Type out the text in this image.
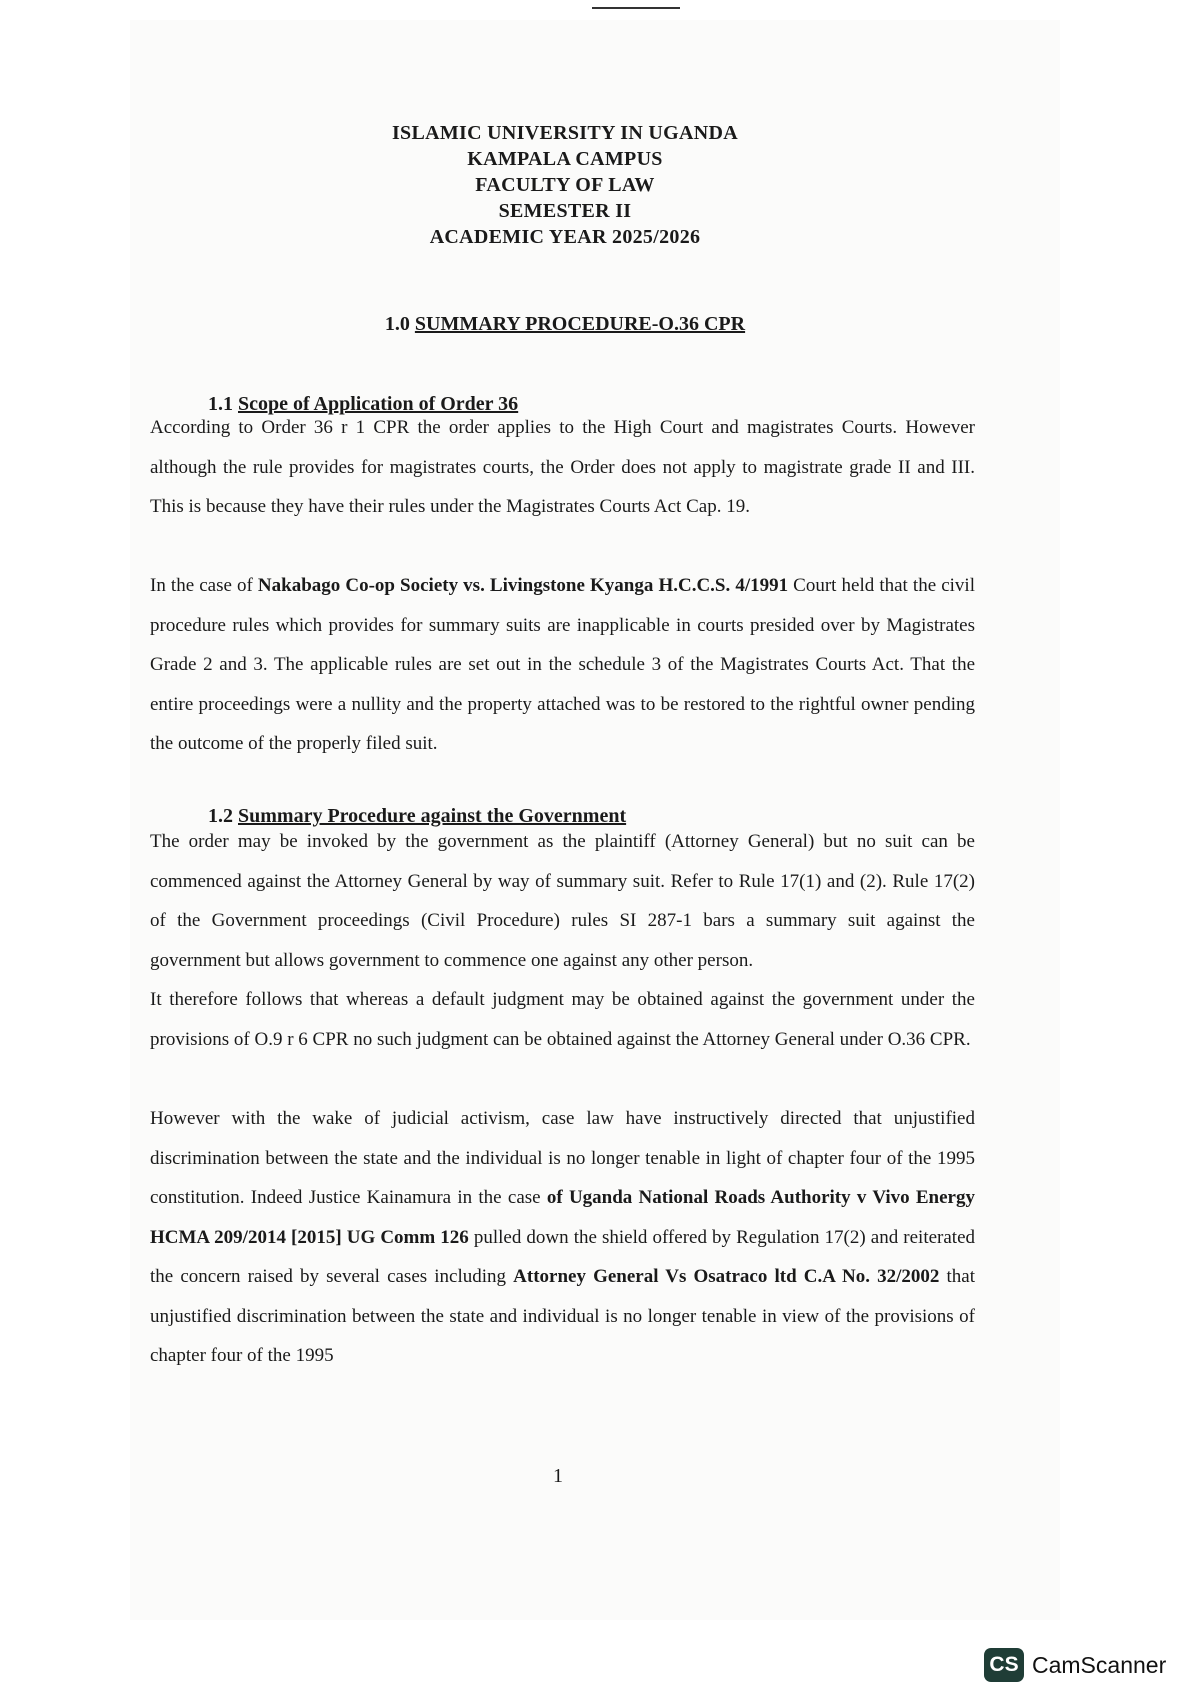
ISLAMIC UNIVERSITY IN UGANDA
KAMPALA CAMPUS
FACULTY OF LAW
SEMESTER II
ACADEMIC YEAR 2025/2026
1.0 SUMMARY PROCEDURE-O.36 CPR
1.1 Scope of Application of Order 36
According to Order 36 r 1 CPR the order applies to the High Court and magistrates Courts. However although the rule provides for magistrates courts, the Order does not apply to magistrate grade II and III. This is because they have their rules under the Magistrates Courts Act Cap. 19.
In the case of Nakabago Co-op Society vs. Livingstone Kyanga H.C.C.S. 4/1991 Court held that the civil procedure rules which provides for summary suits are inapplicable in courts presided over by Magistrates Grade 2 and 3. The applicable rules are set out in the schedule 3 of the Magistrates Courts Act. That the entire proceedings were a nullity and the property attached was to be restored to the rightful owner pending the outcome of the properly filed suit.
1.2 Summary Procedure against the Government
The order may be invoked by the government as the plaintiff (Attorney General) but no suit can be commenced against the Attorney General by way of summary suit. Refer to Rule 17(1) and (2). Rule 17(2) of the Government proceedings (Civil Procedure) rules SI 287-1 bars a summary suit against the government but allows government to commence one against any other person.
It therefore follows that whereas a default judgment may be obtained against the government under the provisions of O.9 r 6 CPR no such judgment can be obtained against the Attorney General under O.36 CPR.
However with the wake of judicial activism, case law have instructively directed that unjustified discrimination between the state and the individual is no longer tenable in light of chapter four of the 1995 constitution. Indeed Justice Kainamura in the case of Uganda National Roads Authority v Vivo Energy HCMA 209/2014 [2015] UG Comm 126 pulled down the shield offered by Regulation 17(2) and reiterated the concern raised by several cases including Attorney General Vs Osatraco ltd C.A No. 32/2002 that unjustified discrimination between the state and individual is no longer tenable in view of the provisions of chapter four of the 1995
1
CS CamScanner
